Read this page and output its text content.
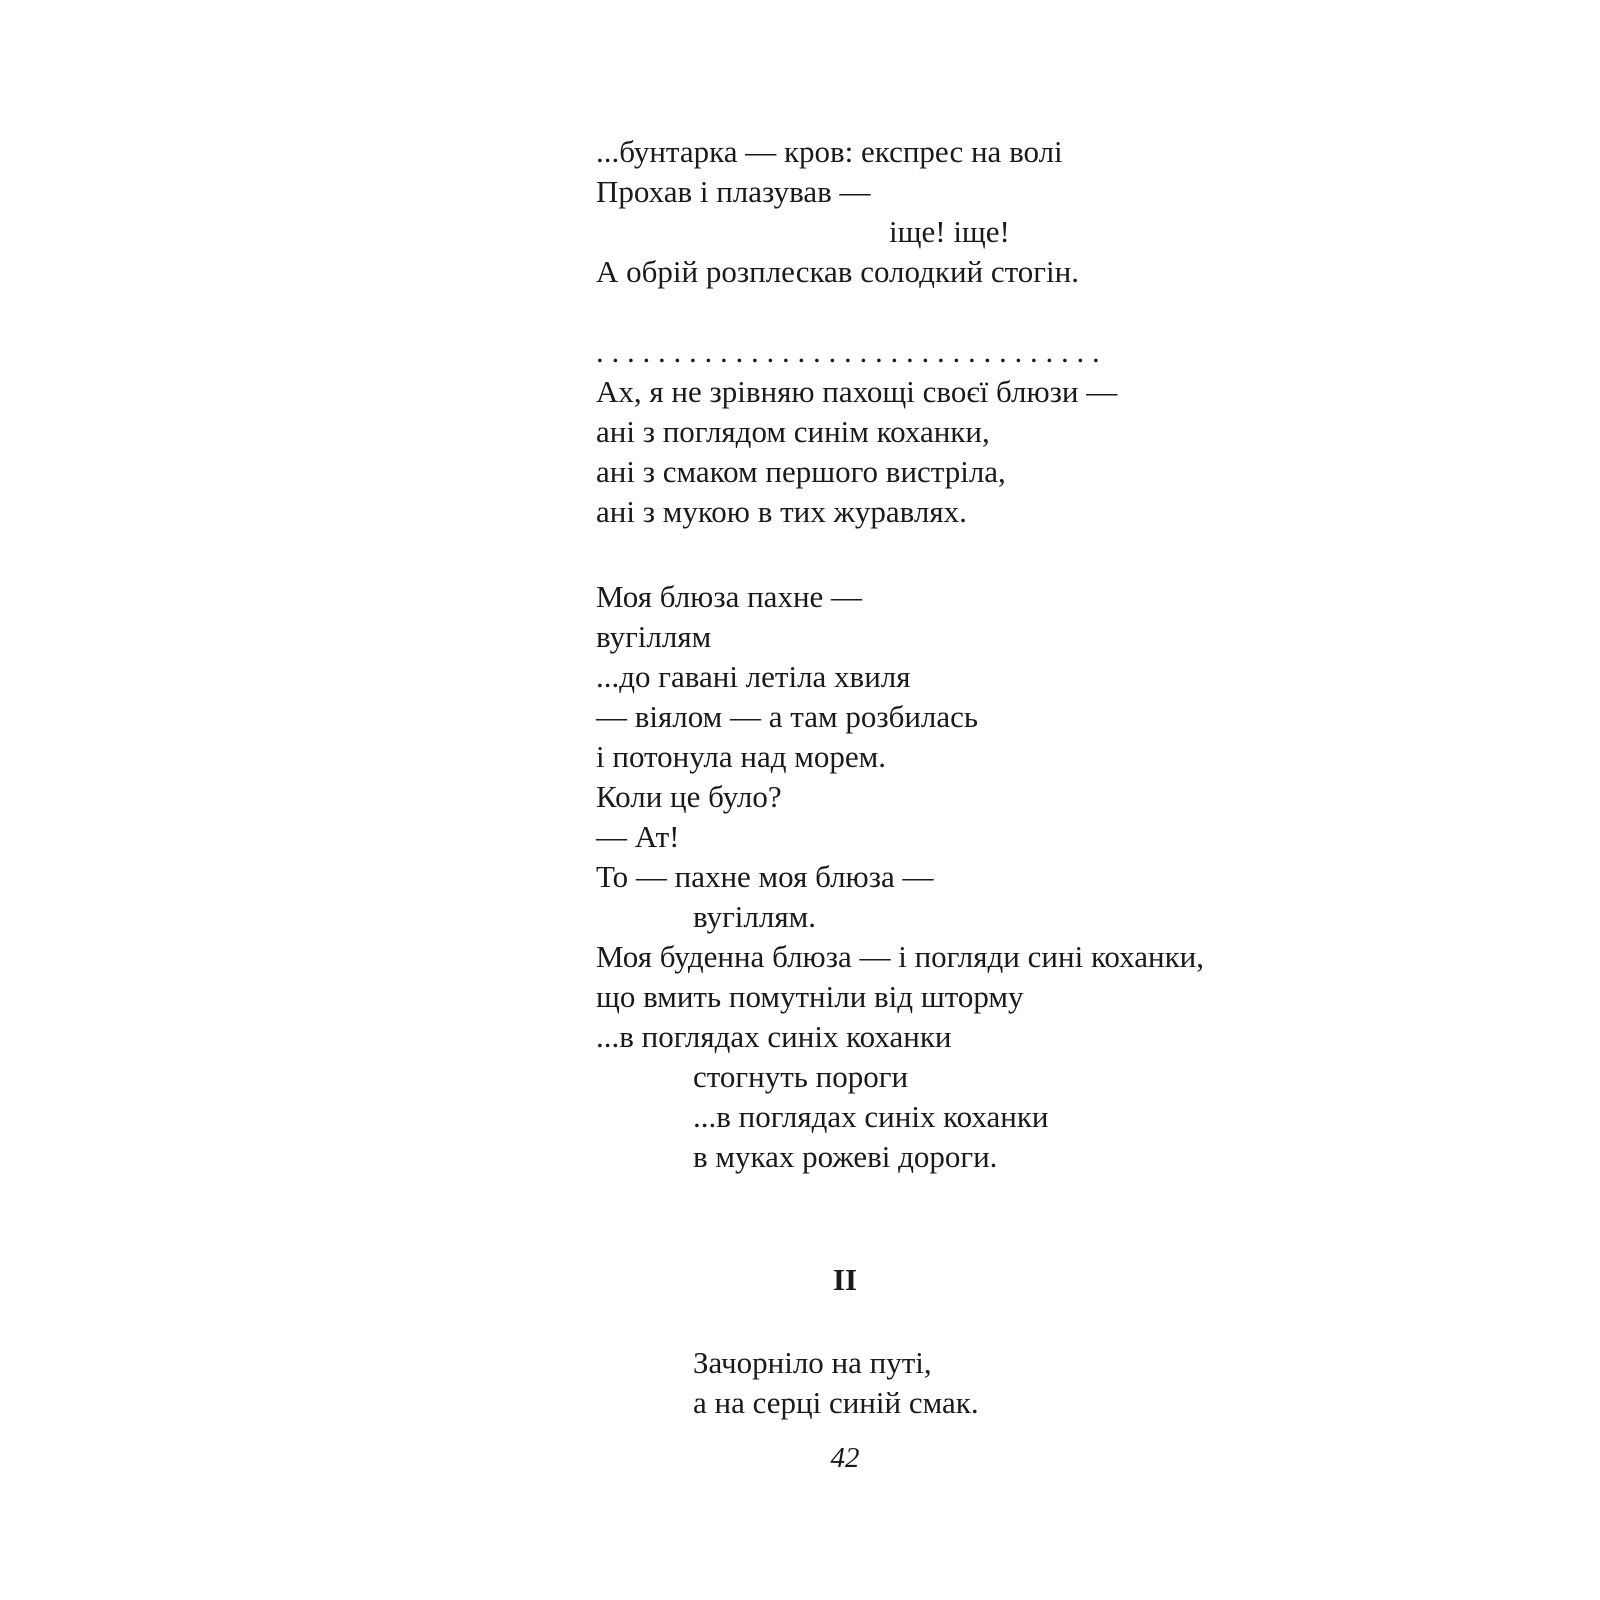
...бунтарка — кров: експрес на волі
Прохав і плазував —
іще! іще!
А обрій розплескав солодкий стогін.
. . . . . . . . . . . . . . . . . . . . . . . . . . . . . . . . .
Ах, я не зрівняю пахощі своєї блюзи —
ані з поглядом синім коханки,
ані з смаком першого вистріла,
ані з мукою в тих журавлях.
Моя блюза пахне —
вугіллям
...до гавані летіла хвиля
— віялом — а там розбилась
і потонула над морем.
Коли це було?
— Ат!
То — пахне моя блюза —
вугіллям.
Моя буденна блюза — і погляди сині коханки,
що вмить помутніли від шторму
...в поглядах синіх коханки
стогнуть пороги
...в поглядах синіх коханки
в муках рожеві дороги.
II
Зачорніло на путі,
а на серці синій смак.
42
